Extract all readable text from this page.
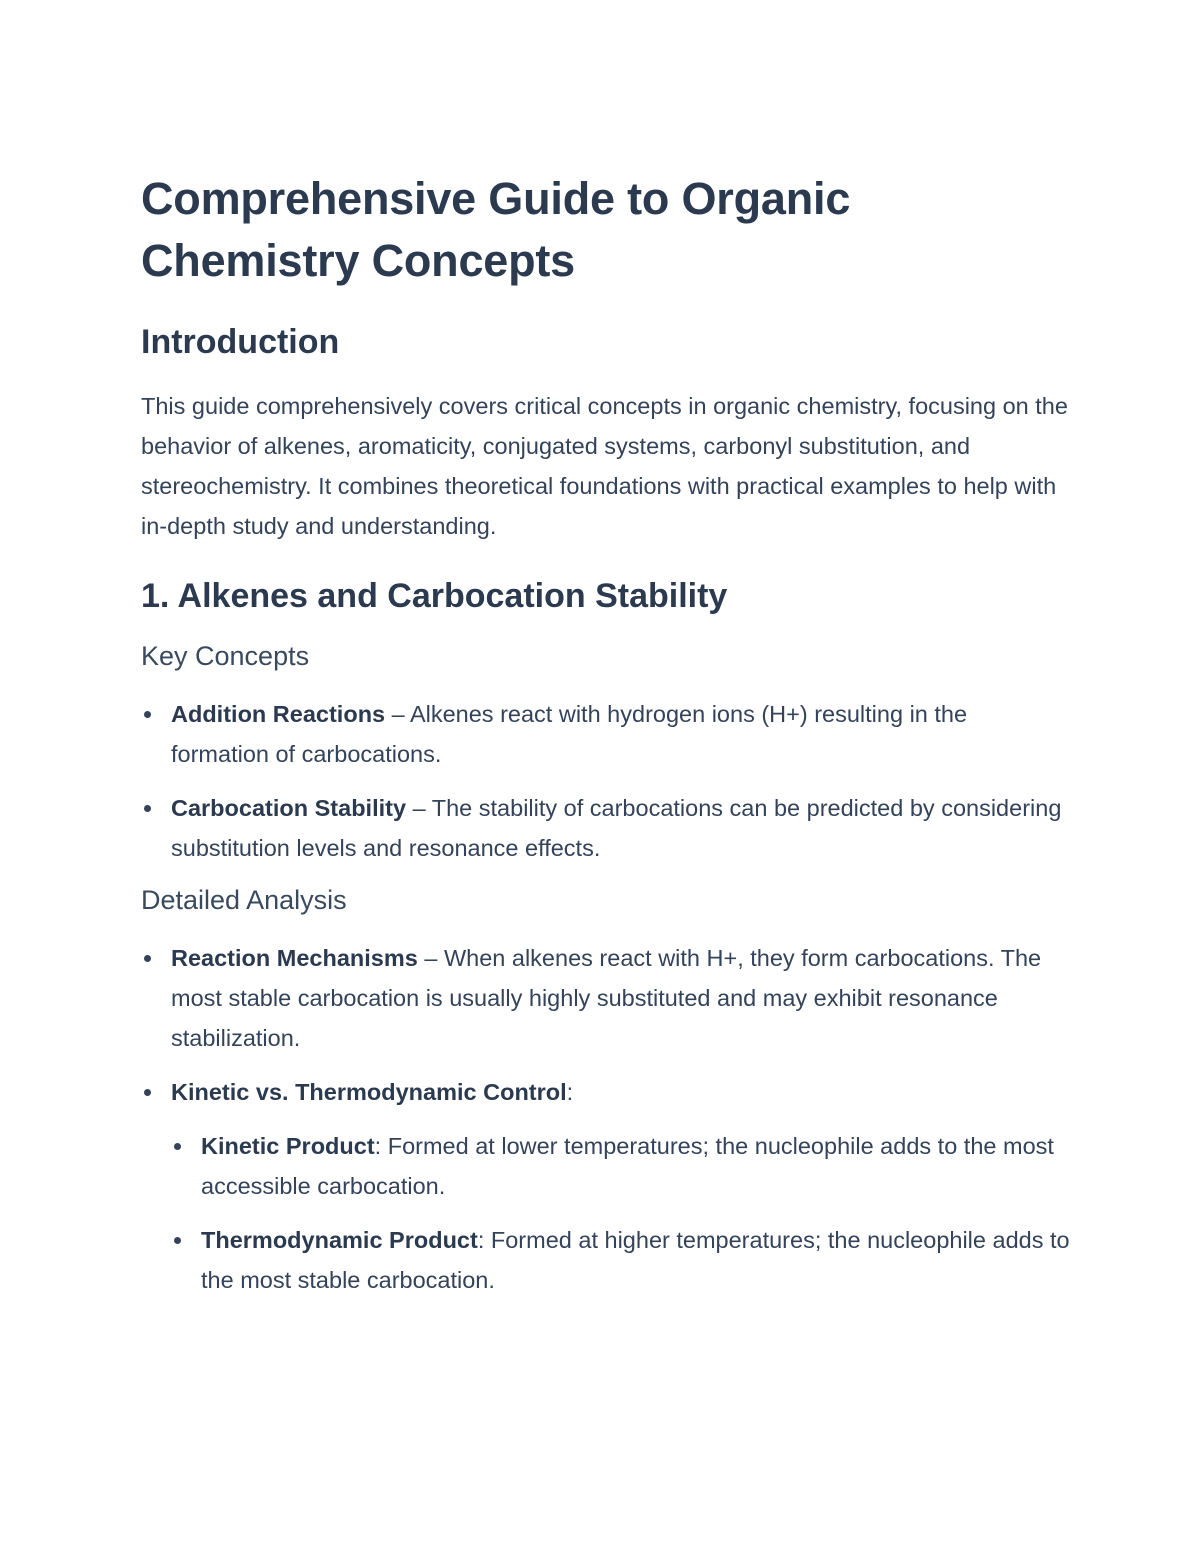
Comprehensive Guide to Organic Chemistry Concepts
Introduction

This guide comprehensively covers critical concepts in organic chemistry, focusing on the behavior of alkenes, aromaticity, conjugated systems, carbonyl substitution, and stereochemistry. It combines theoretical foundations with practical examples to help with in-depth study and understanding.

1. Alkenes and Carbocation Stability
Key Concepts
Addition Reactions – Alkenes react with hydrogen ions (H+) resulting in the formation of carbocations.
Carbocation Stability – The stability of carbocations can be predicted by considering substitution levels and resonance effects.
Detailed Analysis
Reaction Mechanisms – When alkenes react with H+, they form carbocations. The most stable carbocation is usually highly substituted and may exhibit resonance stabilization.
Kinetic vs. Thermodynamic Control:
Kinetic Product: Formed at lower temperatures; the nucleophile adds to the most accessible carbocation.
Thermodynamic Product: Formed at higher temperatures; the nucleophile adds to the most stable carbocation.
